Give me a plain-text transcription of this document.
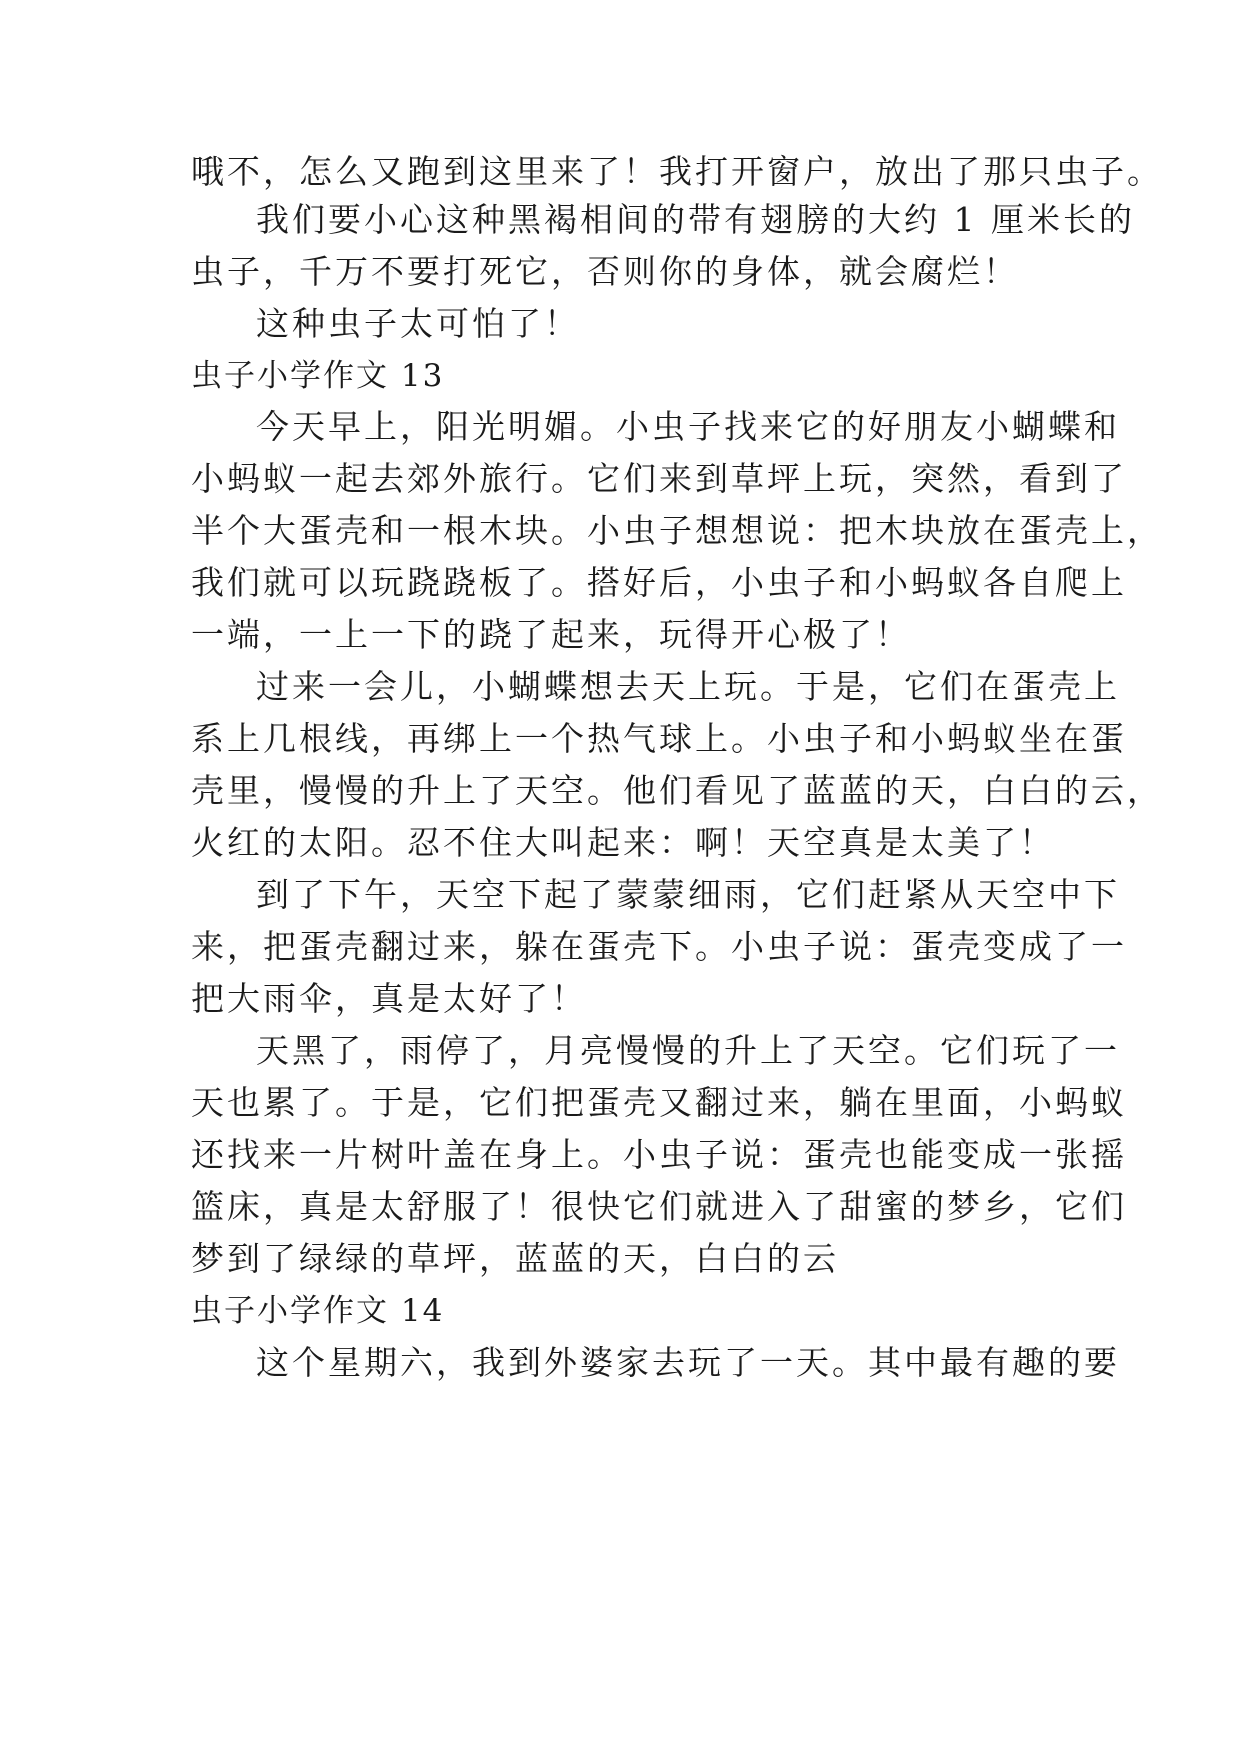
哦不，怎么又跑到这里来了！我打开窗户，放出了那只虫子。
我们要小心这种黑褐相间的带有翅膀的大约 1 厘米长的
虫子，千万不要打死它，否则你的身体，就会腐烂！
这种虫子太可怕了！
虫子小学作文 13
今天早上，阳光明媚。小虫子找来它的好朋友小蝴蝶和
小蚂蚁一起去郊外旅行。它们来到草坪上玩，突然，看到了
半个大蛋壳和一根木块。小虫子想想说：把木块放在蛋壳上，
我们就可以玩跷跷板了。搭好后，小虫子和小蚂蚁各自爬上
一端，一上一下的跷了起来，玩得开心极了！
过来一会儿，小蝴蝶想去天上玩。于是，它们在蛋壳上
系上几根线，再绑上一个热气球上。小虫子和小蚂蚁坐在蛋
壳里，慢慢的升上了天空。他们看见了蓝蓝的天，白白的云，
火红的太阳。忍不住大叫起来：啊！天空真是太美了！
到了下午，天空下起了蒙蒙细雨，它们赶紧从天空中下
来，把蛋壳翻过来，躲在蛋壳下。小虫子说：蛋壳变成了一
把大雨伞，真是太好了！
天黑了，雨停了，月亮慢慢的升上了天空。它们玩了一
天也累了。于是，它们把蛋壳又翻过来，躺在里面，小蚂蚁
还找来一片树叶盖在身上。小虫子说：蛋壳也能变成一张摇
篮床，真是太舒服了！很快它们就进入了甜蜜的梦乡，它们
梦到了绿绿的草坪，蓝蓝的天，白白的云
虫子小学作文 14
这个星期六，我到外婆家去玩了一天。其中最有趣的要
